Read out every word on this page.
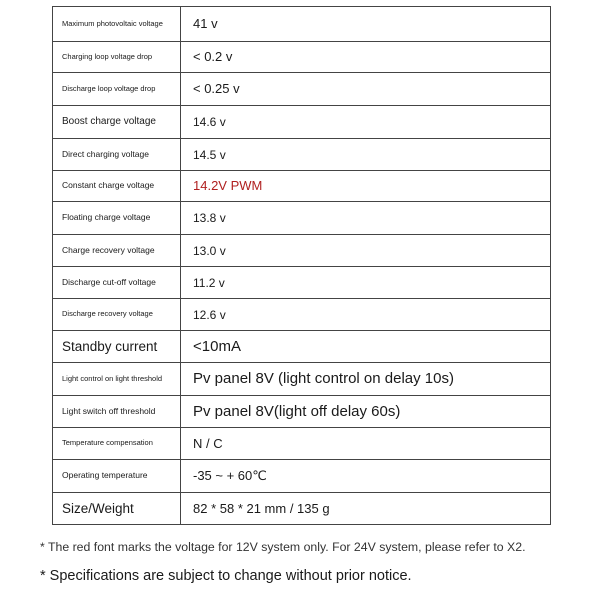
Maximum photovoltaic voltage	41 v

Charging loop voltage drop	< 0.2 v

Discharge loop voltage drop	< 0.25 v

Boost charge voltage	14.6 v

Direct charging voltage	14.5 v

Constant charge voltage	14.2V PWM

Floating charge voltage	13.8 v

Charge recovery voltage	13.0 v

Discharge cut-off voltage	11.2 v

Discharge recovery voltage	12.6 v

Standby current	<10mA

Light control on light threshold	Pv panel 8V (light control on delay 10s)

Light switch off threshold	Pv panel 8V(light off delay 60s)

Temperature compensation	N / C

Operating temperature	-35 ~ + 60℃

Size/Weight	82 * 58 * 21 mm / 135 g
* The red font marks the voltage for 12V system only. For 24V system, please refer to X2.
* Specifications are subject to change without prior notice.
